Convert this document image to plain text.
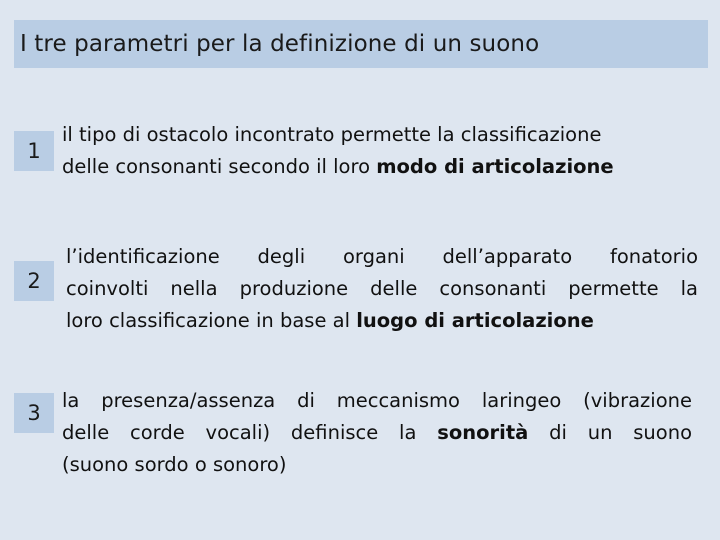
I tre parametri per la definizione di un suono
1
il tipo di ostacolo incontrato permette la classificazione
delle consonanti secondo il loro modo di articolazione
2
l’identificazione degli organi dell’apparato fonatorio
coinvolti nella produzione delle consonanti permette la
loro classificazione in base al luogo di articolazione
3
la presenza/assenza di meccanismo laringeo (vibrazione
delle corde vocali) definisce la sonorità di un suono
(suono sordo o sonoro)
